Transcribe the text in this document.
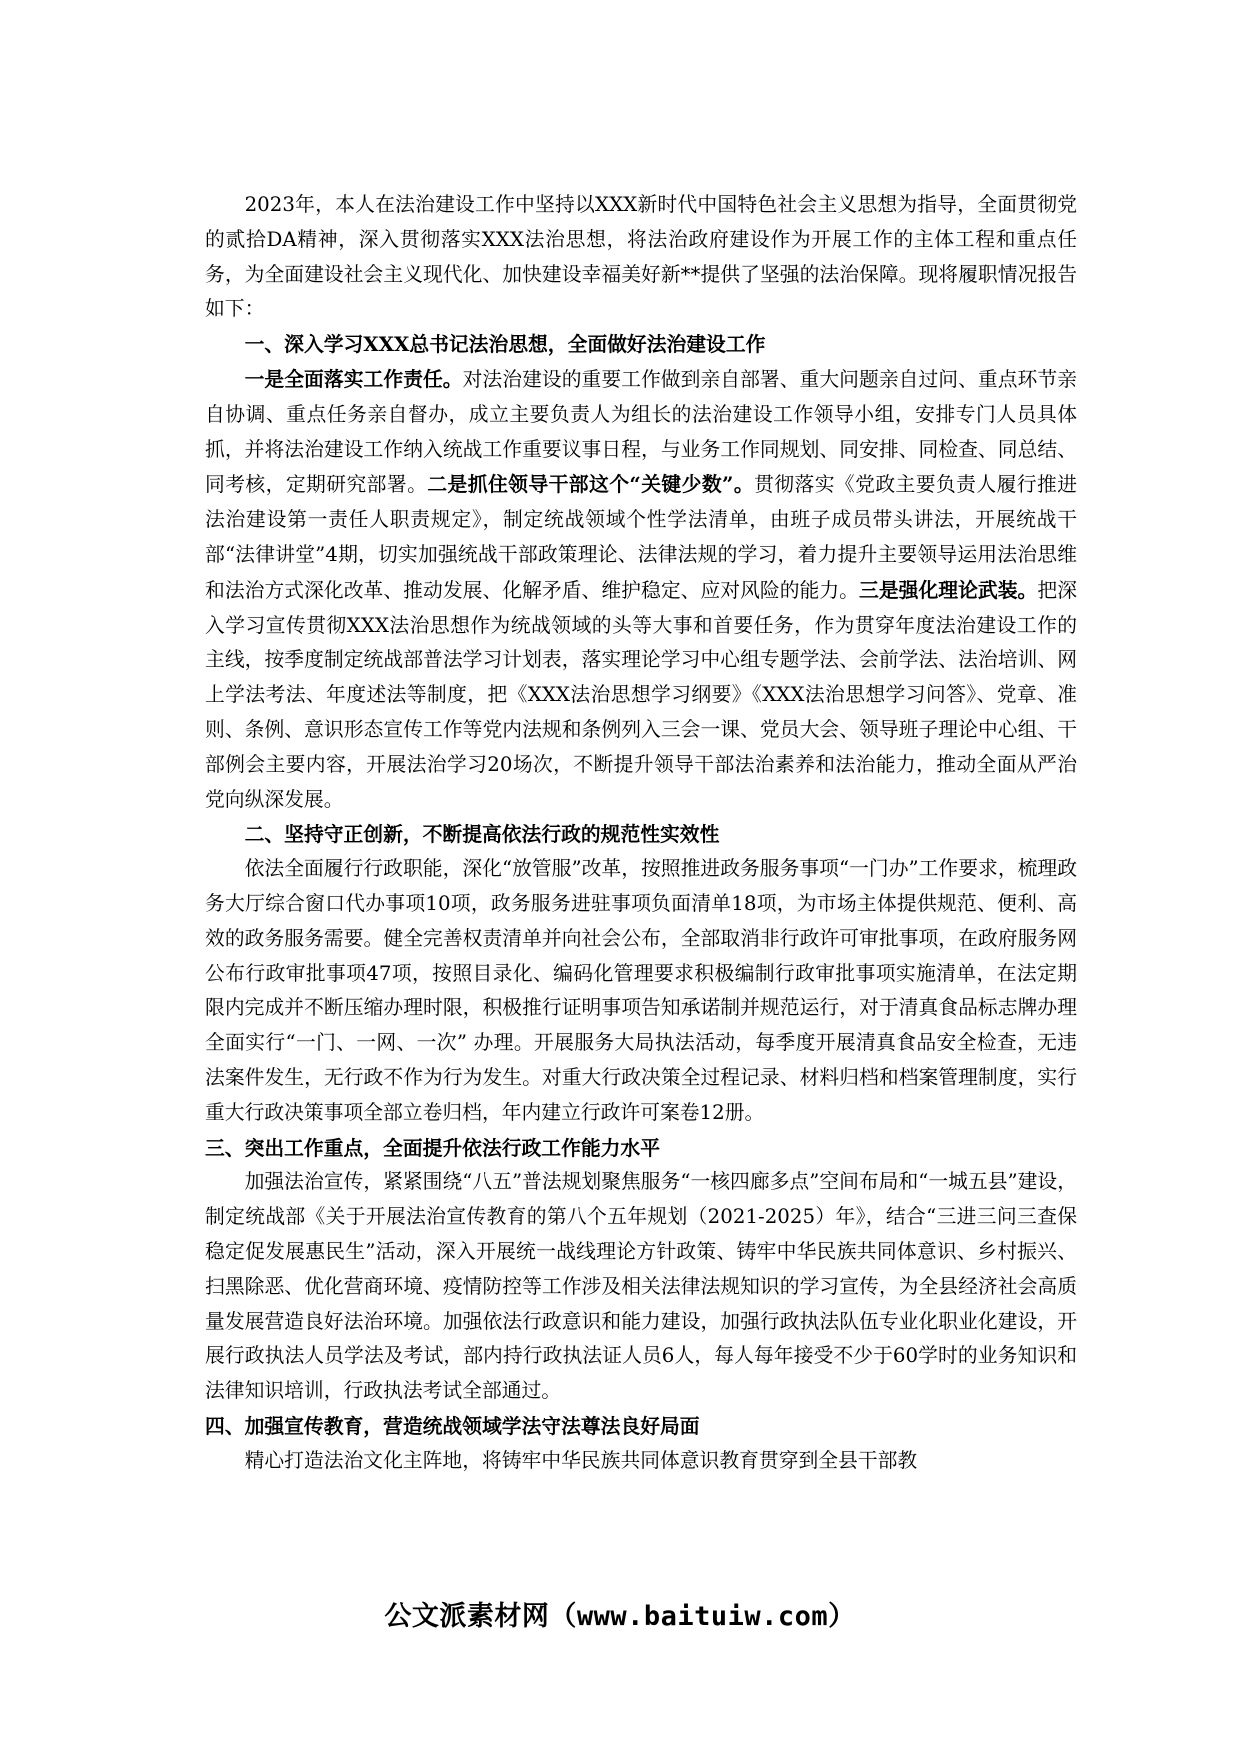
2023年，本人在法治建设工作中坚持以XXX新时代中国特色社会主义思想为指导，全面贯彻党的贰拾DA精神，深入贯彻落实XXX法治思想，将法治政府建设作为开展工作的主体工程和重点任务，为全面建设社会主义现代化、加快建设幸福美好新**提供了坚强的法治保障。现将履职情况报告如下：

一、深入学习XXX总书记法治思想，全面做好法治建设工作

一是全面落实工作责任。对法治建设的重要工作做到亲自部署、重大问题亲自过问、重点环节亲自协调、重点任务亲自督办，成立主要负责人为组长的法治建设工作领导小组，安排专门人员具体抓，并将法治建设工作纳入统战工作重要议事日程，与业务工作同规划、同安排、同检查、同总结、同考核，定期研究部署。二是抓住领导干部这个“关键少数”。贯彻落实《党政主要负责人履行推进法治建设第一责任人职责规定》，制定统战领域个性学法清单，由班子成员带头讲法，开展统战干部“法律讲堂”4期，切实加强统战干部政策理论、法律法规的学习，着力提升主要领导运用法治思维和法治方式深化改革、推动发展、化解矛盾、维护稳定、应对风险的能力。三是强化理论武装。把深入学习宣传贯彻XXX法治思想作为统战领域的头等大事和首要任务，作为贯穿年度法治建设工作的主线，按季度制定统战部普法学习计划表，落实理论学习中心组专题学法、会前学法、法治培训、网上学法考法、年度述法等制度，把《XXX法治思想学习纲要》《XXX法治思想学习问答》、党章、准则、条例、意识形态宣传工作等党内法规和条例列入三会一课、党员大会、领导班子理论中心组、干部例会主要内容，开展法治学习20场次，不断提升领导干部法治素养和法治能力，推动全面从严治党向纵深发展。

二、坚持守正创新，不断提高依法行政的规范性实效性

依法全面履行行政职能，深化“放管服”改革，按照推进政务服务事项“一门办”工作要求，梳理政务大厅综合窗口代办事项10项，政务服务进驻事项负面清单18项，为市场主体提供规范、便利、高效的政务服务需要。健全完善权责清单并向社会公布，全部取消非行政许可审批事项，在政府服务网公布行政审批事项47项，按照目录化、编码化管理要求积极编制行政审批事项实施清单，在法定期限内完成并不断压缩办理时限，积极推行证明事项告知承诺制并规范运行，对于清真食品标志牌办理全面实行“一门、一网、一次” 办理。开展服务大局执法活动，每季度开展清真食品安全检查，无违法案件发生，无行政不作为行为发生。对重大行政决策全过程记录、材料归档和档案管理制度，实行重大行政决策事项全部立卷归档，年内建立行政许可案卷12册。

三、突出工作重点，全面提升依法行政工作能力水平

加强法治宣传，紧紧围绕“八五”普法规划聚焦服务“一核四廊多点”空间布局和“一城五县”建设，制定统战部《关于开展法治宣传教育的第八个五年规划（2021-2025）年》，结合“三进三问三查保稳定促发展惠民生”活动，深入开展统一战线理论方针政策、铸牢中华民族共同体意识、乡村振兴、扫黑除恶、优化营商环境、疫情防控等工作涉及相关法律法规知识的学习宣传，为全县经济社会高质量发展营造良好法治环境。加强依法行政意识和能力建设，加强行政执法队伍专业化职业化建设，开展行政执法人员学法及考试，部内持行政执法证人员6人，每人每年接受不少于60学时的业务知识和法律知识培训，行政执法考试全部通过。

四、加强宣传教育，营造统战领域学法守法尊法良好局面

精心打造法治文化主阵地，将铸牢中华民族共同体意识教育贯穿到全县干部教

公文派素材网（www.baituiw.com）
